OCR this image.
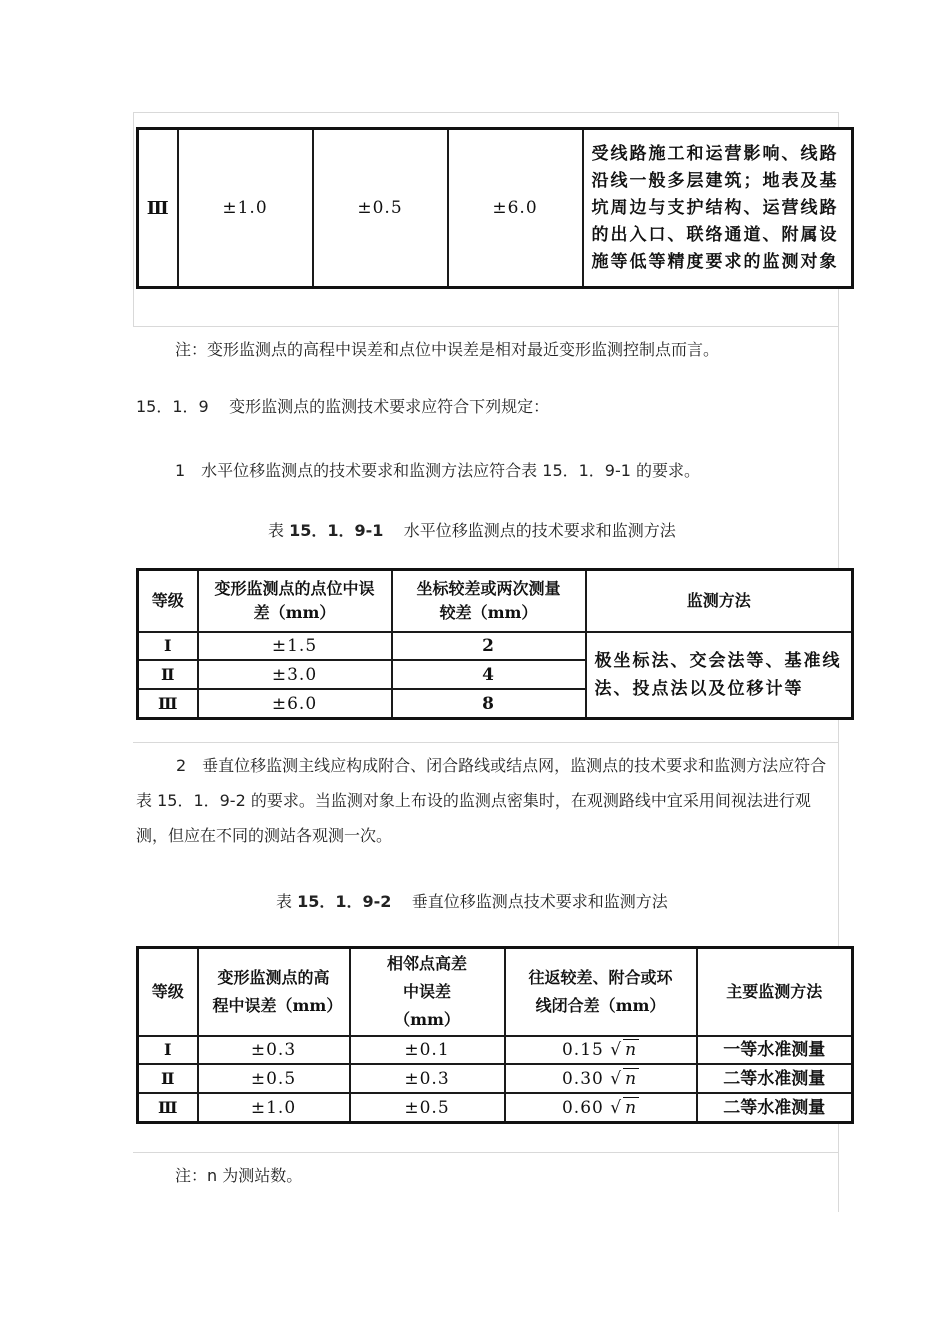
Ⅲ	±1.0	±0.5	±6.0	受线路施工和运营影响、线路沿线一般多层建筑；地表及基坑周边与支护结构、运营线路的出入口、联络通道、附属设施等低等精度要求的监测对象
注：变形监测点的高程中误差和点位中误差是相对最近变形监测控制点而言。
15．1．9 变形监测点的监测技术要求应符合下列规定：
1　水平位移监测点的技术要求和监测方法应符合表 15．1．9-1 的要求。
表 15．1．9-1 水平位移监测点的技术要求和监测方法
等级	变形监测点的点位中误差（mm）	坐标较差或两次测量较差（mm）	监测方法
Ⅰ	±1.5	2	极坐标法、交会法等、基准线法、投点法以及位移计等
Ⅱ	±3.0	4	
Ⅲ	±6.0	8	
2　垂直位移监测主线应构成附合、闭合路线或结点网，监测点的技术要求和监测方法应符合表 15．1．9-2 的要求。当监测对象上布设的监测点密集时，在观测路线中宜采用间视法进行观测，但应在不同的测站各观测一次。
表 15．1．9-2 垂直位移监测点技术要求和监测方法
等级	变形监测点的高程中误差（mm）	相邻点高差中误差（mm）	往返较差、附合或环线闭合差（mm）	主要监测方法
Ⅰ	±0.3	±0.1	0.15 √ n	一等水准测量
Ⅱ	±0.5	±0.3	0.30 √ n	二等水准测量
Ⅲ	±1.0	±0.5	0.60 √ n	二等水准测量
注：n 为测站数。
